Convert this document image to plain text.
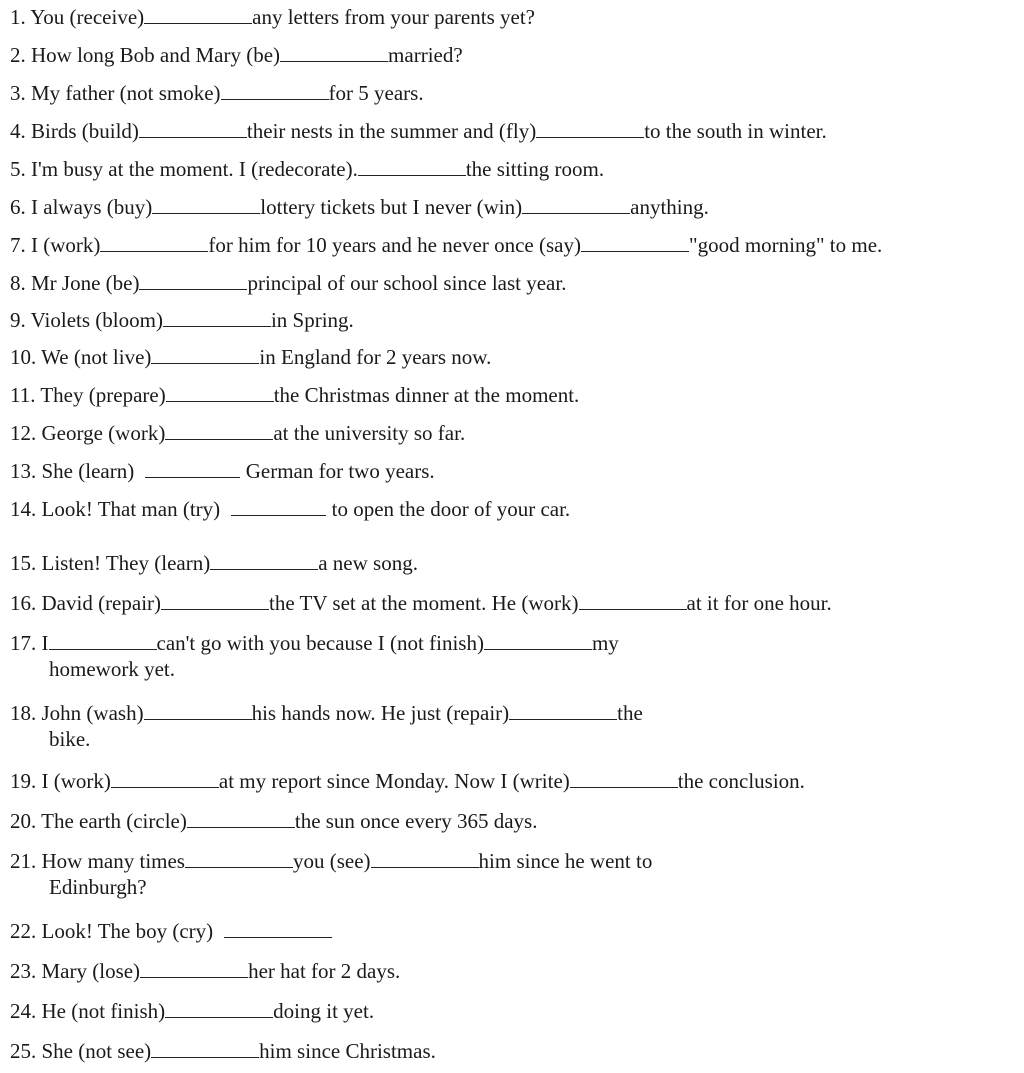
1. You (receive)	any letters from your parents yet?
2. How long Bob and Mary (be)	married?
3. My father (not smoke)	for 5 years.
4. Birds (build)	their nests in the summer and (fly)	to the south in winter.
5. I'm busy at the moment. I (redecorate).	the sitting room.
6. I always (buy)	lottery tickets but I never (win)	anything.
7. I (work)	for him for 10 years and he never once (say)	"good morning" to me.
8. Mr Jone (be)	principal of our school since last year.
9. Violets (bloom)	in Spring.
10. We (not live)	in England for 2 years now.
11. They (prepare)	the Christmas dinner at the moment.
12. George (work)	at the university so far.
13. She (learn)	German for two years.
14. Look! That man (try)	to open the door of your car.
15. Listen! They (learn)	a new song.
16. David (repair)	the TV set at the moment. He (work)	at it for one hour.
17. I	can't go with you because I (not finish)	my
homework yet.
18. John (wash)	his hands now. He just (repair)	the
bike.
19. I (work)	at my report since Monday. Now I (write)	the conclusion.
20. The earth (circle)	the sun once every 365 days.
21. How many times	you (see)	him since he went to
Edinburgh?
22. Look! The boy (cry)
23. Mary (lose)	her hat for 2 days.
24. He (not finish)	doing it yet.
25. She (not see)	him since Christmas.
